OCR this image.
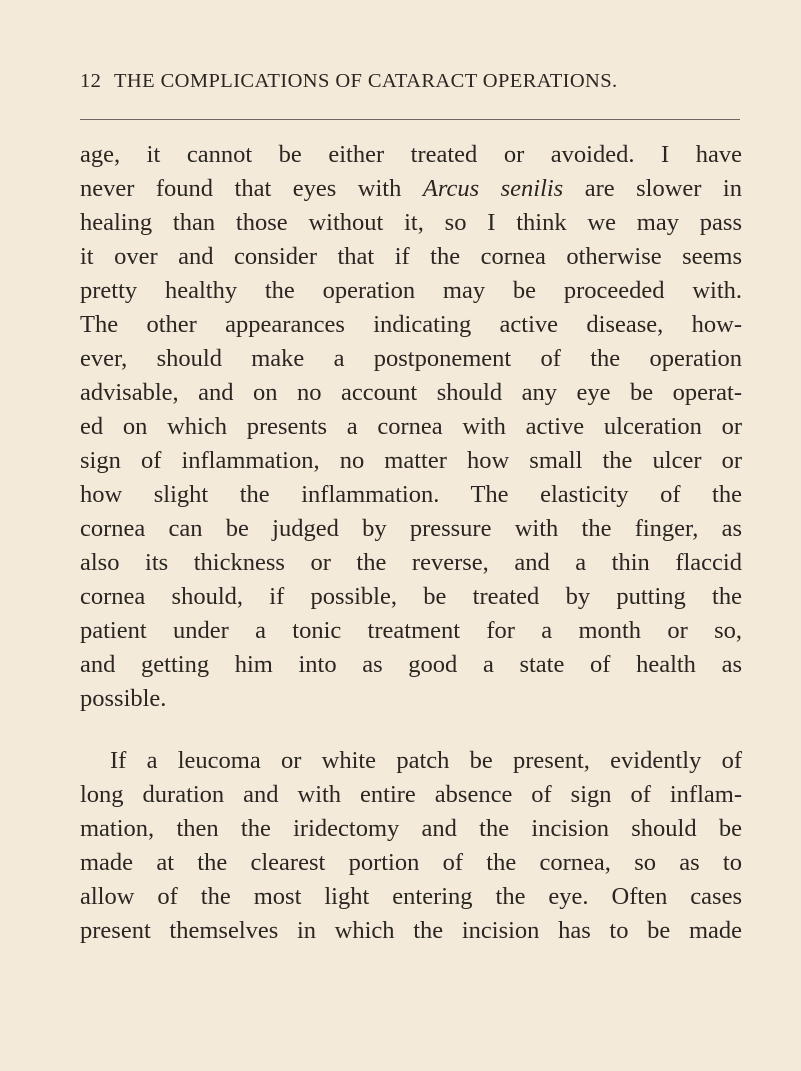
12 THE COMPLICATIONS OF CATARACT OPERATIONS.
age, it cannot be either treated or avoided. I have
never found that eyes with Arcus senilis are slower in
healing than those without it, so I think we may pass
it over and consider that if the cornea otherwise seems
pretty healthy the operation may be proceeded with.
The other appearances indicating active disease, how-
ever, should make a postponement of the operation
advisable, and on no account should any eye be operat-
ed on which presents a cornea with active ulceration or
sign of inflammation, no matter how small the ulcer or
how slight the inflammation. The elasticity of the
cornea can be judged by pressure with the finger, as
also its thickness or the reverse, and a thin flaccid
cornea should, if possible, be treated by putting the
patient under a tonic treatment for a month or so,
and getting him into as good a state of health as
possible.
If a leucoma or white patch be present, evidently of
long duration and with entire absence of sign of inflam-
mation, then the iridectomy and the incision should be
made at the clearest portion of the cornea, so as to
allow of the most light entering the eye. Often cases
present themselves in which the incision has to be made
